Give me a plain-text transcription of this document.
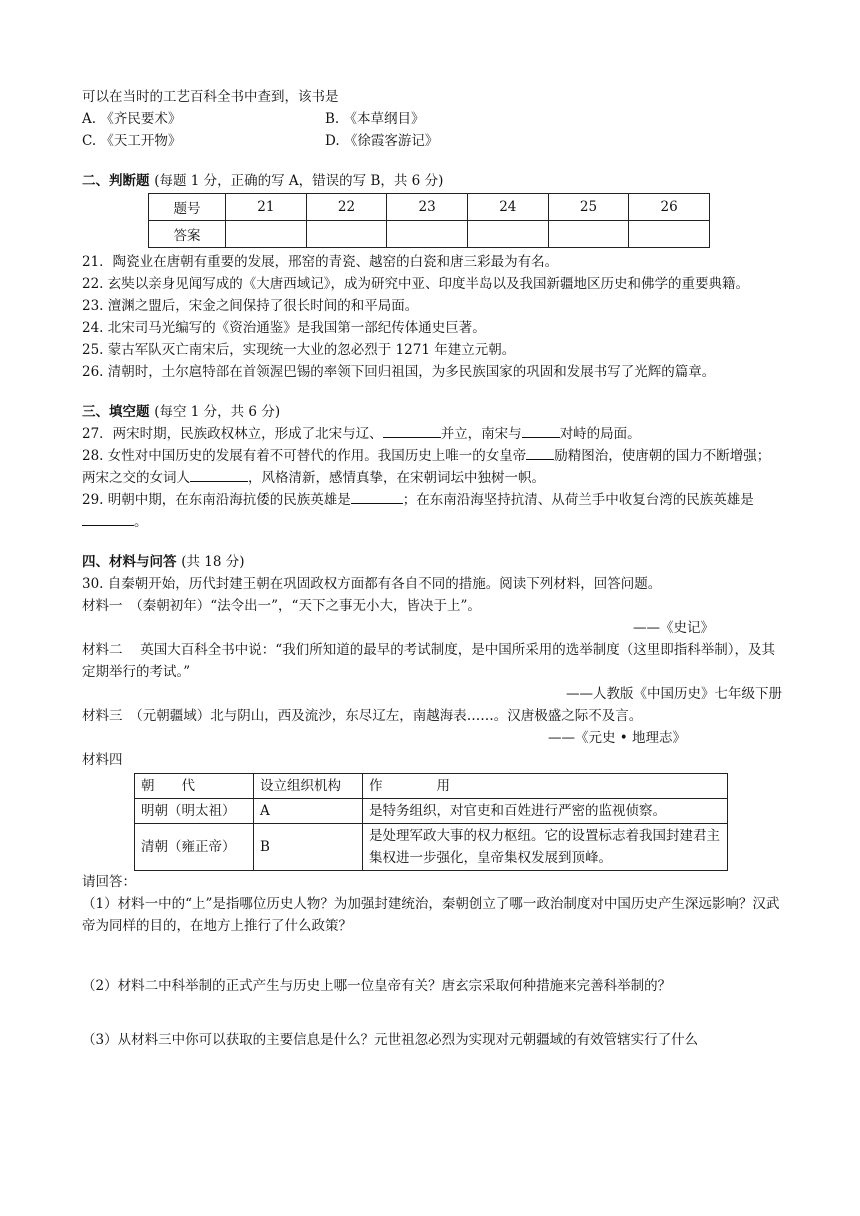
可以在当时的工艺百科全书中查到，该书是
A. 《齐民要术》	B. 《本草纲目》
C. 《天工开物》	D. 《徐霞客游记》
二、判断题 (每题 1 分，正确的写 A，错误的写 B，共 6 分)
题号	21	22	23	24	25	26
答案						
21．陶瓷业在唐朝有重要的发展，邢窑的青瓷、越窑的白瓷和唐三彩最为有名。
22. 玄奘以亲身见闻写成的《大唐西域记》，成为研究中亚、印度半岛以及我国新疆地区历史和佛学的重要典籍。
23. 澶渊之盟后，宋金之间保持了很长时间的和平局面。
24. 北宋司马光编写的《资治通鉴》是我国第一部纪传体通史巨著。
25. 蒙古军队灭亡南宋后，实现统一大业的忽必烈于 1271 年建立元朝。
26. 清朝时，土尔扈特部在首领渥巴锡的率领下回归祖国，为多民族国家的巩固和发展书写了光辉的篇章。
三、填空题 (每空 1 分，共 6 分)
27．两宋时期，民族政权林立，形成了北宋与辽、	并立，南宋与	对峙的局面。
28. 女性对中国历史的发展有着不可替代的作用。我国历史上唯一的女皇帝 励精图治，使唐朝的国力不断增强；两宋之交的女词人	，风格清新，感情真挚，在宋朝词坛中独树一帜。
29. 明朝中期，在东南沿海抗倭的民族英雄是	；在东南沿海坚持抗清、从荷兰手中收复台湾的民族英雄是。
四、材料与问答 (共 18 分)
30. 自秦朝开始，历代封建王朝在巩固政权方面都有各自不同的措施。阅读下列材料，回答问题。
材料一　（秦朝初年）“法令出一”，“天下之事无小大，皆决于上”。
——《史记》
材料二　 英国大百科全书中说：“我们所知道的最早的考试制度，是中国所采用的选举制度（这里即指科举制），及其定期举行的考试。”
——人教版《中国历史》七年级下册
材料三　（元朝疆域）北与阴山，西及流沙，东尽辽左，南越海表……。汉唐极盛之际不及言。
——《元史 • 地理志》
材料四
朝　　代	设立组织机构	作　　　　用
明朝（明太祖）	A	是特务组织，对官吏和百姓进行严密的监视侦察。
清朝（雍正帝）	B	是处理军政大事的权力枢纽。它的设置标志着我国封建君主集权进一步强化，皇帝集权发展到顶峰。
请回答：
（1）材料一中的“上”是指哪位历史人物？为加强封建统治，秦朝创立了哪一政治制度对中国历史产生深远影响？汉武帝为同样的目的，在地方上推行了什么政策？
（2）材料二中科举制的正式产生与历史上哪一位皇帝有关？唐玄宗采取何种措施来完善科举制的？
（3）从材料三中你可以获取的主要信息是什么？元世祖忽必烈为实现对元朝疆域的有效管辖实行了什么
